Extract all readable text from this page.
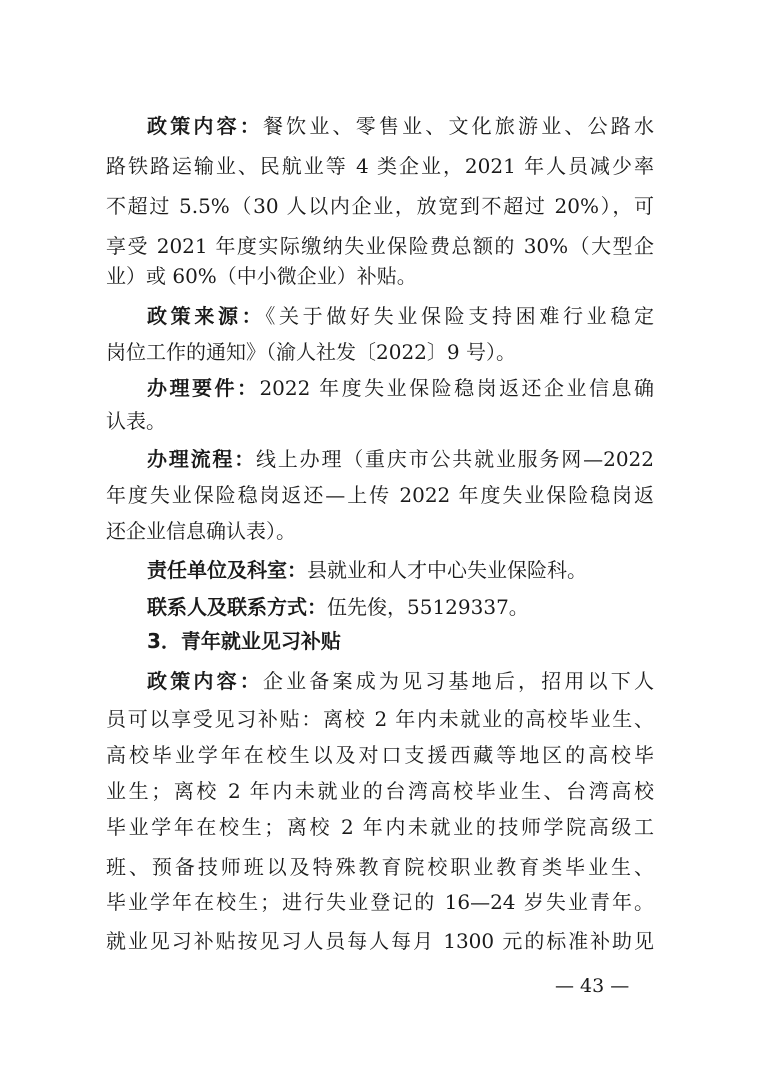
政策内容：餐饮业、零售业、文化旅游业、公路水
路铁路运输业、民航业等 4 类企业，2021 年人员减少率
不超过 5.5%（30 人以内企业，放宽到不超过 20%），可
享受 2021 年度实际缴纳失业保险费总额的 30%（大型企
业）或 60%（中小微企业）补贴。
政策来源：《关于做好失业保险支持困难行业稳定
岗位工作的通知》（渝人社发〔2022〕9 号）。
办理要件：2022 年度失业保险稳岗返还企业信息确
认表。
办理流程：线上办理（重庆市公共就业服务网—2022
年度失业保险稳岗返还—上传 2022 年度失业保险稳岗返
还企业信息确认表）。
责任单位及科室：县就业和人才中心失业保险科。
联系人及联系方式：伍先俊，55129337。
3．青年就业见习补贴
政策内容：企业备案成为见习基地后，招用以下人
员可以享受见习补贴：离校 2 年内未就业的高校毕业生、
高校毕业学年在校生以及对口支援西藏等地区的高校毕
业生；离校 2 年内未就业的台湾高校毕业生、台湾高校
毕业学年在校生；离校 2 年内未就业的技师学院高级工
班、预备技师班以及特殊教育院校职业教育类毕业生、
毕业学年在校生；进行失业登记的 16—24 岁失业青年。
就业见习补贴按见习人员每人每月 1300 元的标准补助见
— 43 —
